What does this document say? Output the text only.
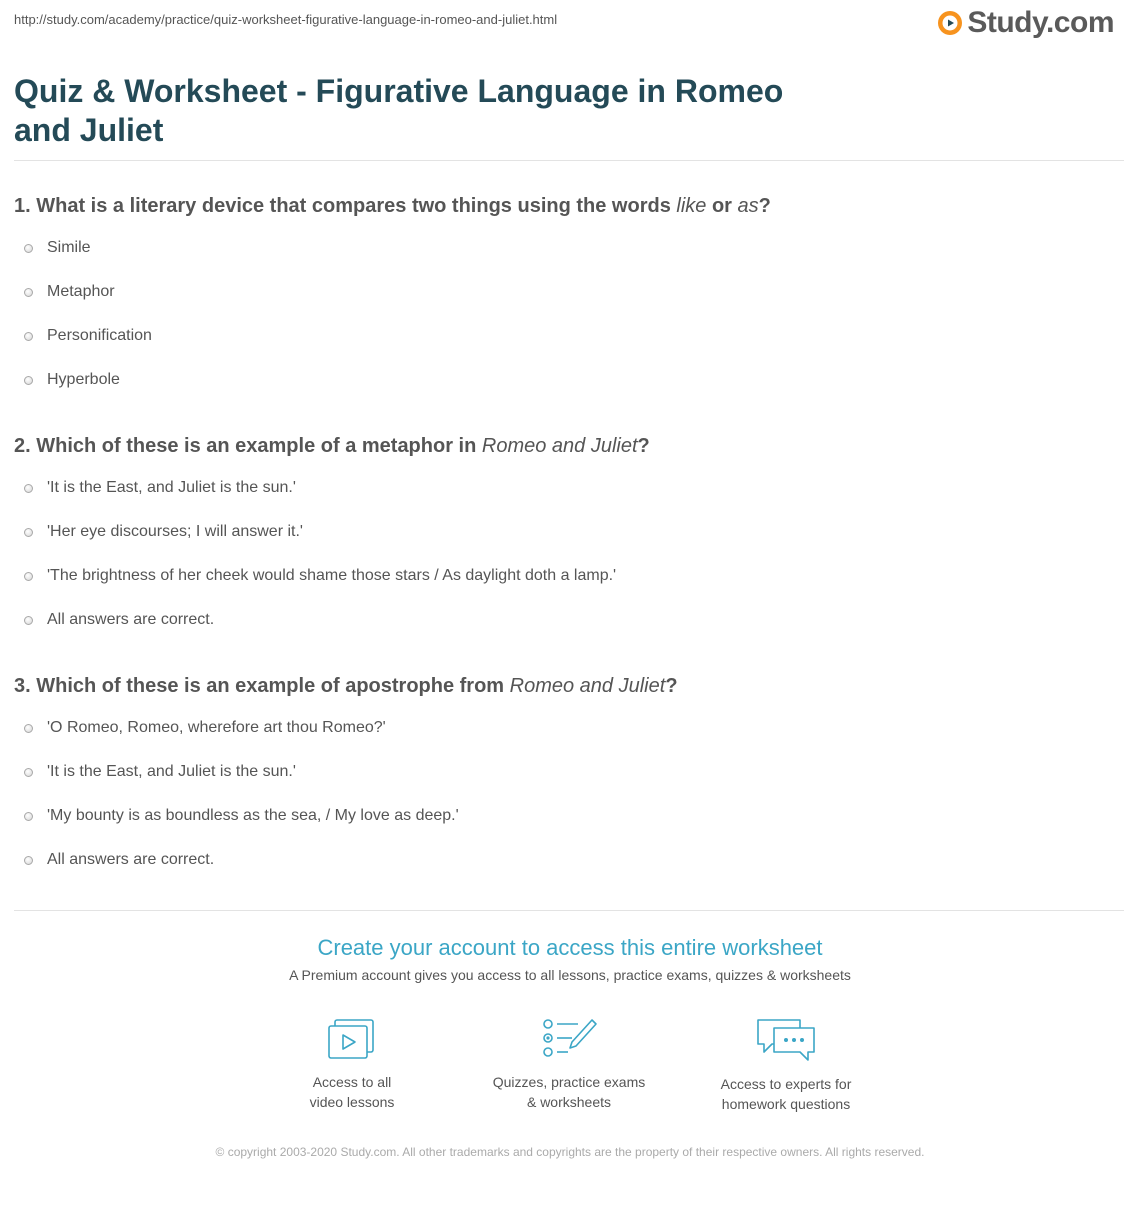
http://study.com/academy/practice/quiz-worksheet-figurative-language-in-romeo-and-juliet.html	Study.com
Quiz & Worksheet - Figurative Language in Romeo and Juliet
1. What is a literary device that compares two things using the words like or as?
Simile
Metaphor
Personification
Hyperbole
2. Which of these is an example of a metaphor in Romeo and Juliet?
'It is the East, and Juliet is the sun.'
'Her eye discourses; I will answer it.'
'The brightness of her cheek would shame those stars / As daylight doth a lamp.'
All answers are correct.
3. Which of these is an example of apostrophe from Romeo and Juliet?
'O Romeo, Romeo, wherefore art thou Romeo?'
'It is the East, and Juliet is the sun.'
'My bounty is as boundless as the sea, / My love as deep.'
All answers are correct.
Create your account to access this entire worksheet
A Premium account gives you access to all lessons, practice exams, quizzes & worksheets
Access to all
video lessons
Quizzes, practice exams
& worksheets
Access to experts for
homework questions
© copyright 2003-2020 Study.com. All other trademarks and copyrights are the property of their respective owners. All rights reserved.
